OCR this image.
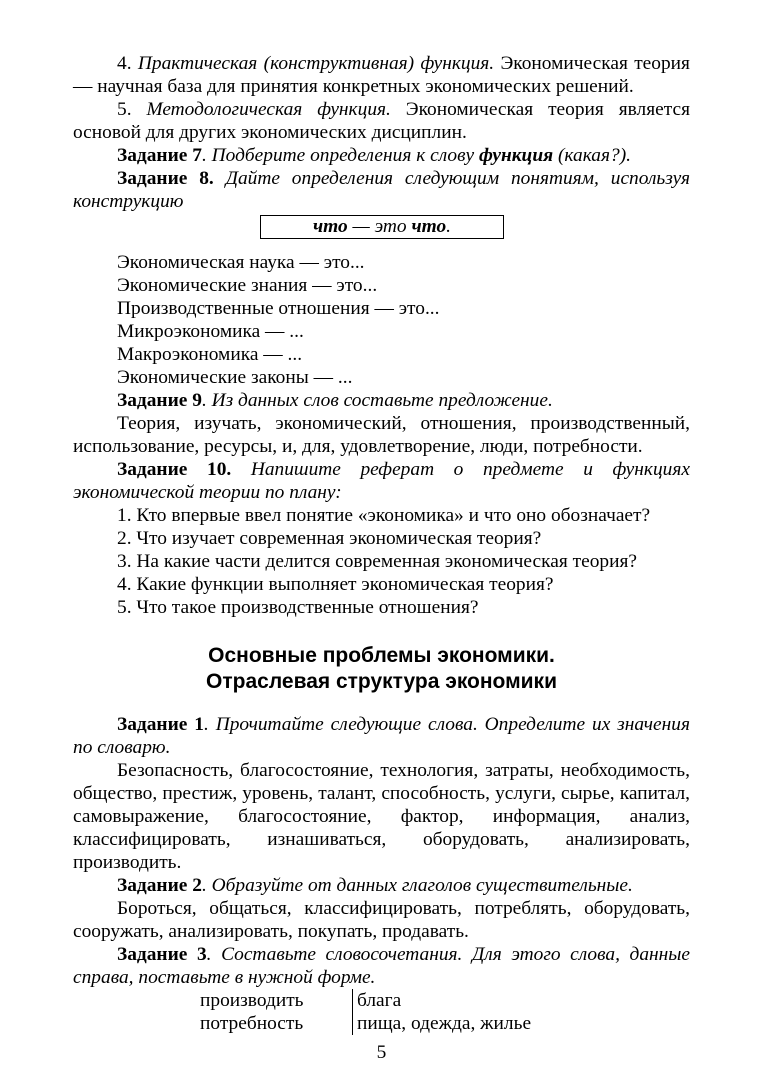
4. Практическая (конструктивная) функция. Экономическая теория — научная база для принятия конкретных экономических решений.

5. Методологическая функция. Экономическая теория является основой для других экономических дисциплин.

Задание 7. Подберите определения к слову функция (какая?).

Задание 8. Дайте определения следующим понятиям, используя конструкцию

что — это что.

Экономическая наука — это...

Экономические знания — это...

Производственные отношения — это...

Микроэкономика — ...

Макроэкономика — ...

Экономические законы — ...

Задание 9. Из данных слов составьте предложение.

Теория, изучать, экономический, отношения, производственный, использование, ресурсы, и, для, удовлетворение, люди, потребности.

Задание 10. Напишите реферат о предмете и функциях экономической теории по плану:

1. Кто впервые ввел понятие «экономика» и что оно обозначает?

2. Что изучает современная экономическая теория?

3. На какие части делится современная экономическая теория?

4. Какие функции выполняет экономическая теория?

5. Что такое производственные отношения?

Основные проблемы экономики.
Отраслевая структура экономики

Задание 1. Прочитайте следующие слова. Определите их значения по словарю.

Безопасность, благосостояние, технология, затраты, необходимость, общество, престиж, уровень, талант, способность, услуги, сырье, капитал, самовыражение, благосостояние, фактор, информация, анализ, классифицировать, изнашиваться, оборудовать, анализировать, производить.

Задание 2. Образуйте от данных глаголов существительные.

Бороться, общаться, классифицировать, потреблять, оборудовать, сооружать, анализировать, покупать, продавать.

Задание 3. Составьте словосочетания. Для этого слова, данные справа, поставьте в нужной форме.

производить	блага
потребность	пища, одежда, жилье
5
